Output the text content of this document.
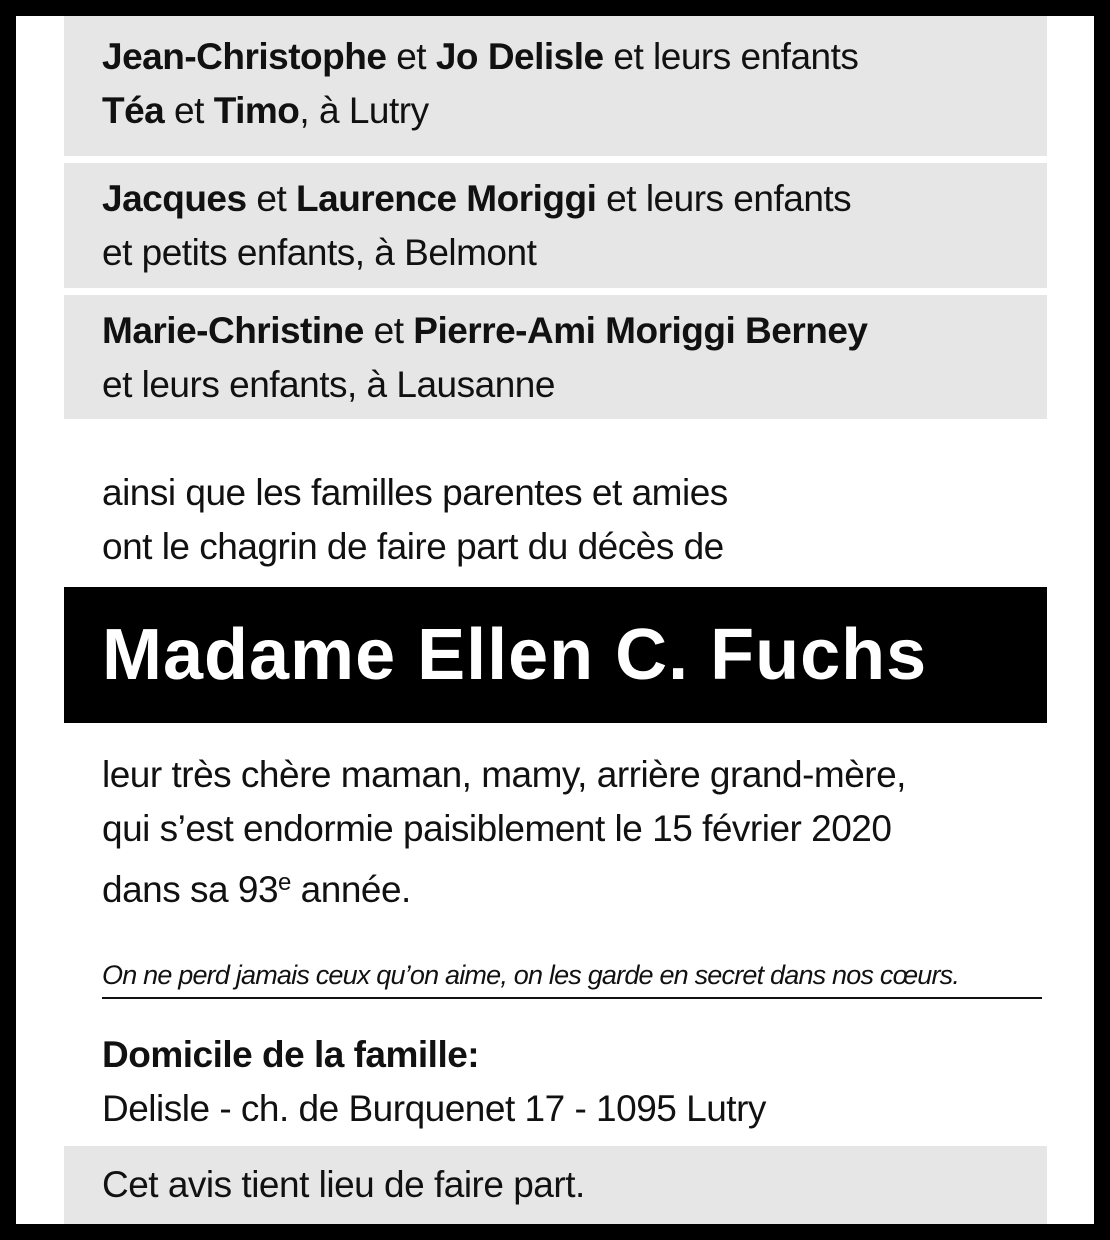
Jean-Christophe et Jo Delisle et leurs enfants
Téa et Timo, à Lutry
Jacques et Laurence Moriggi et leurs enfants
et petits enfants, à Belmont
Marie-Christine et Pierre-Ami Moriggi Berney
et leurs enfants, à Lausanne
ainsi que les familles parentes et amies
ont le chagrin de faire part du décès de
Madame Ellen C. Fuchs
leur très chère maman, mamy, arrière grand-mère,
qui s’est endormie paisiblement le 15 février 2020
dans sa 93e année.
On ne perd jamais ceux qu’on aime, on les garde en secret dans nos cœurs.
Domicile de la famille:
Delisle - ch. de Burquenet 17 - 1095 Lutry
Cet avis tient lieu de faire part.
